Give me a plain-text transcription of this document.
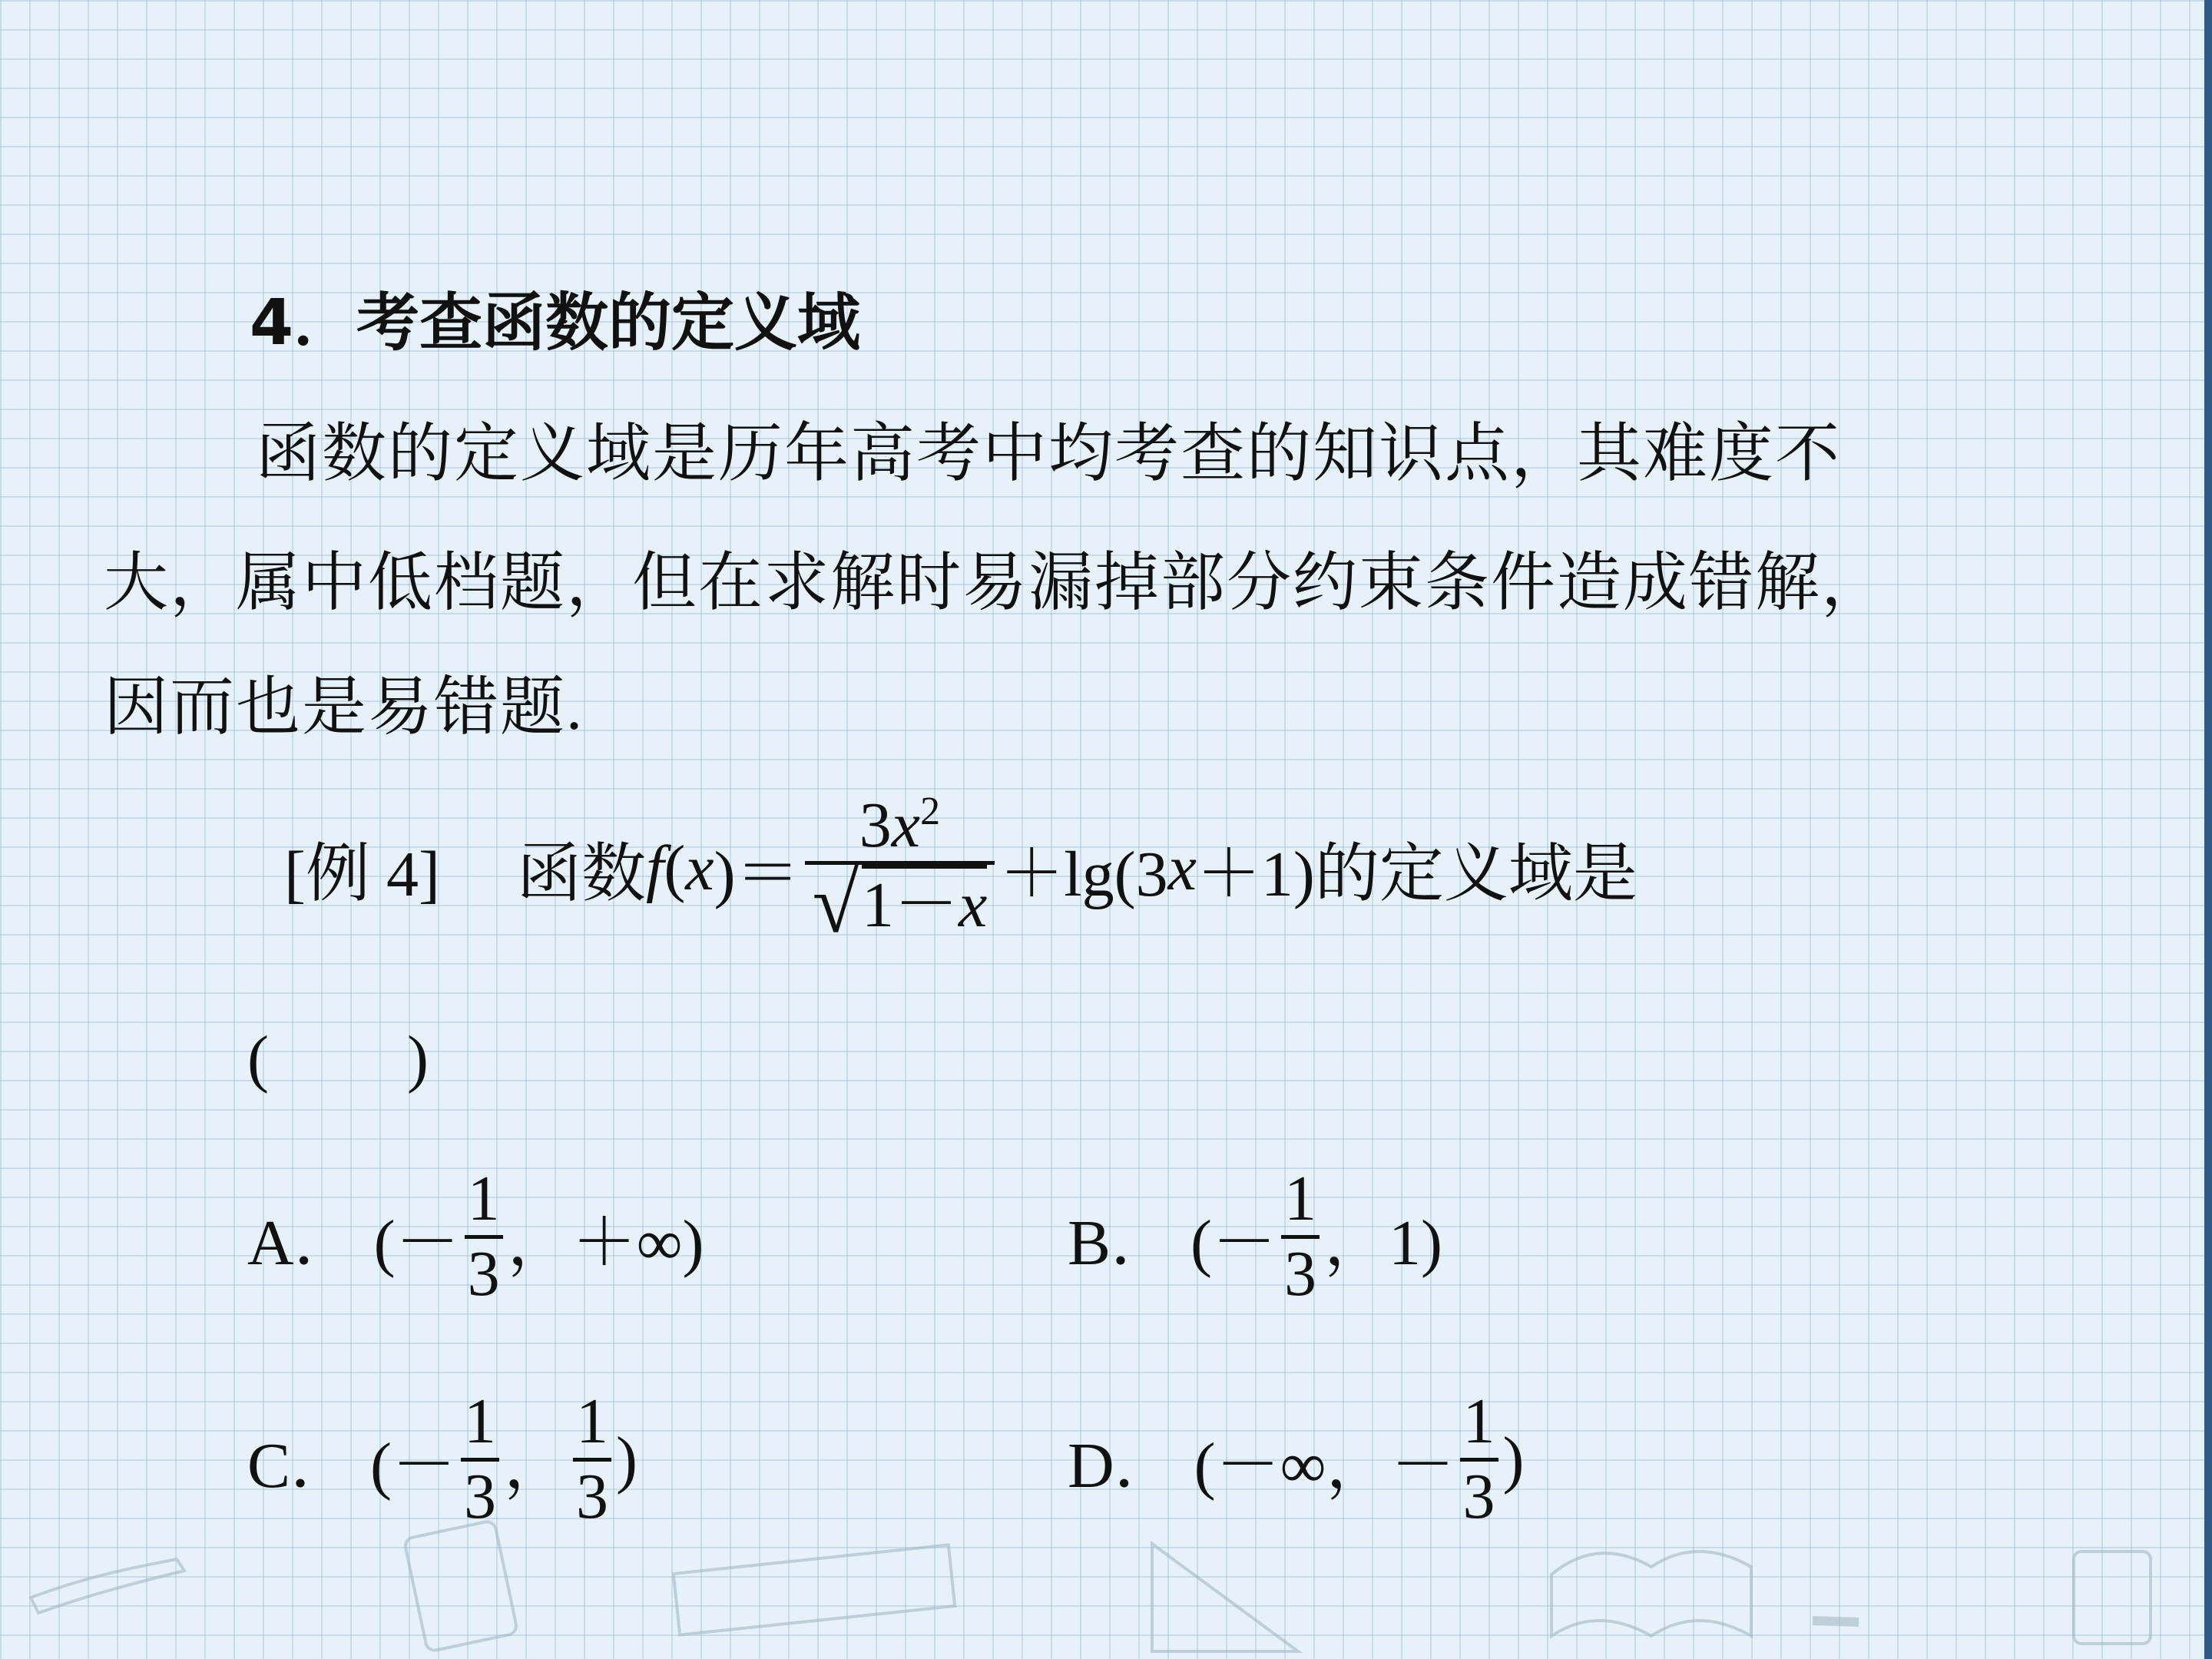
4．考查函数的定义域
函数的定义域是历年高考中均考查的知识点，其难度不
大，属中低档题，但在求解时易漏掉部分约束条件造成错解，
因而也是易错题.
[例 4] 函数 f ( x )＝
$3x^2$
√ 1－x ＋lg(3 x ＋1)的定义域是
( )
A． (－
1
3 ，＋∞)	B． (－
1
3 ，1)
C． (－
1
3 ，
1
3
)	D． (－∞，－
1
3
)
